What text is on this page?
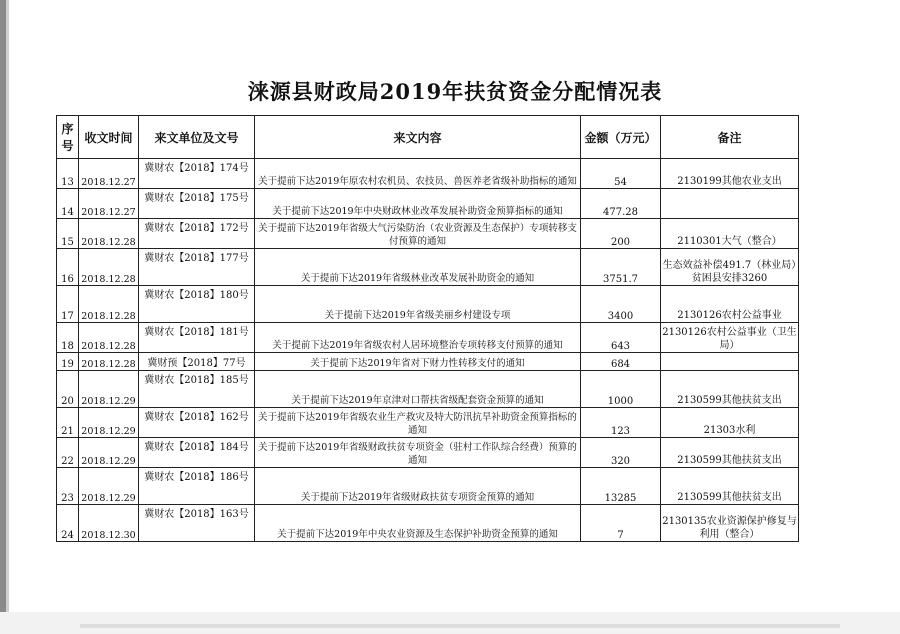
涞源县财政局2019年扶贫资金分配情况表
序号	收文时间	来文单位及文号	来文内容	金额（万元）	备注
13	2018.12.27	冀财农【2018】174号	关于提前下达2019年原农村农机员、农技员、兽医养老省级补助指标的通知	54	2130199其他农业支出
14	2018.12.27	冀财农【2018】175号	关于提前下达2019年中央财政林业改革发展补助资金预算指标的通知	477.28	
15	2018.12.28	冀财农【2018】172号	关于提前下达2019年省级大气污染防治（农业资源及生态保护）专项转移支付预算的通知	200	2110301大气（整合）
16	2018.12.28	冀财农【2018】177号	关于提前下达2019年省级林业改革发展补助资金的通知	3751.7	生态效益补偿491.7（林业局）贫困县安排3260
17	2018.12.28	冀财农【2018】180号	关于提前下达2019年省级美丽乡村建设专项	3400	2130126农村公益事业
18	2018.12.28	冀财农【2018】181号	关于提前下达2019年省级农村人居环境整治专项转移支付预算的通知	643	2130126农村公益事业（卫生局）
19	2018.12.28	冀财预【2018】77号	关于提前下达2019年省对下财力性转移支付的通知	684	
20	2018.12.29	冀财农【2018】185号	关于提前下达2019年京津对口帮扶省级配套资金预算的通知	1000	2130599其他扶贫支出
21	2018.12.29	冀财农【2018】162号	关于提前下达2019年省级农业生产救灾及特大防汛抗旱补助资金预算指标的通知	123	21303水利
22	2018.12.29	冀财农【2018】184号	关于提前下达2019年省级财政扶贫专项资金（驻村工作队综合经费）预算的通知	320	2130599其他扶贫支出
23	2018.12.29	冀财农【2018】186号	关于提前下达2019年省级财政扶贫专项资金预算的通知	13285	2130599其他扶贫支出
24	2018.12.30	冀财农【2018】163号	关于提前下达2019年中央农业资源及生态保护补助资金预算的通知	7	2130135农业资源保护修复与利用（整合）
